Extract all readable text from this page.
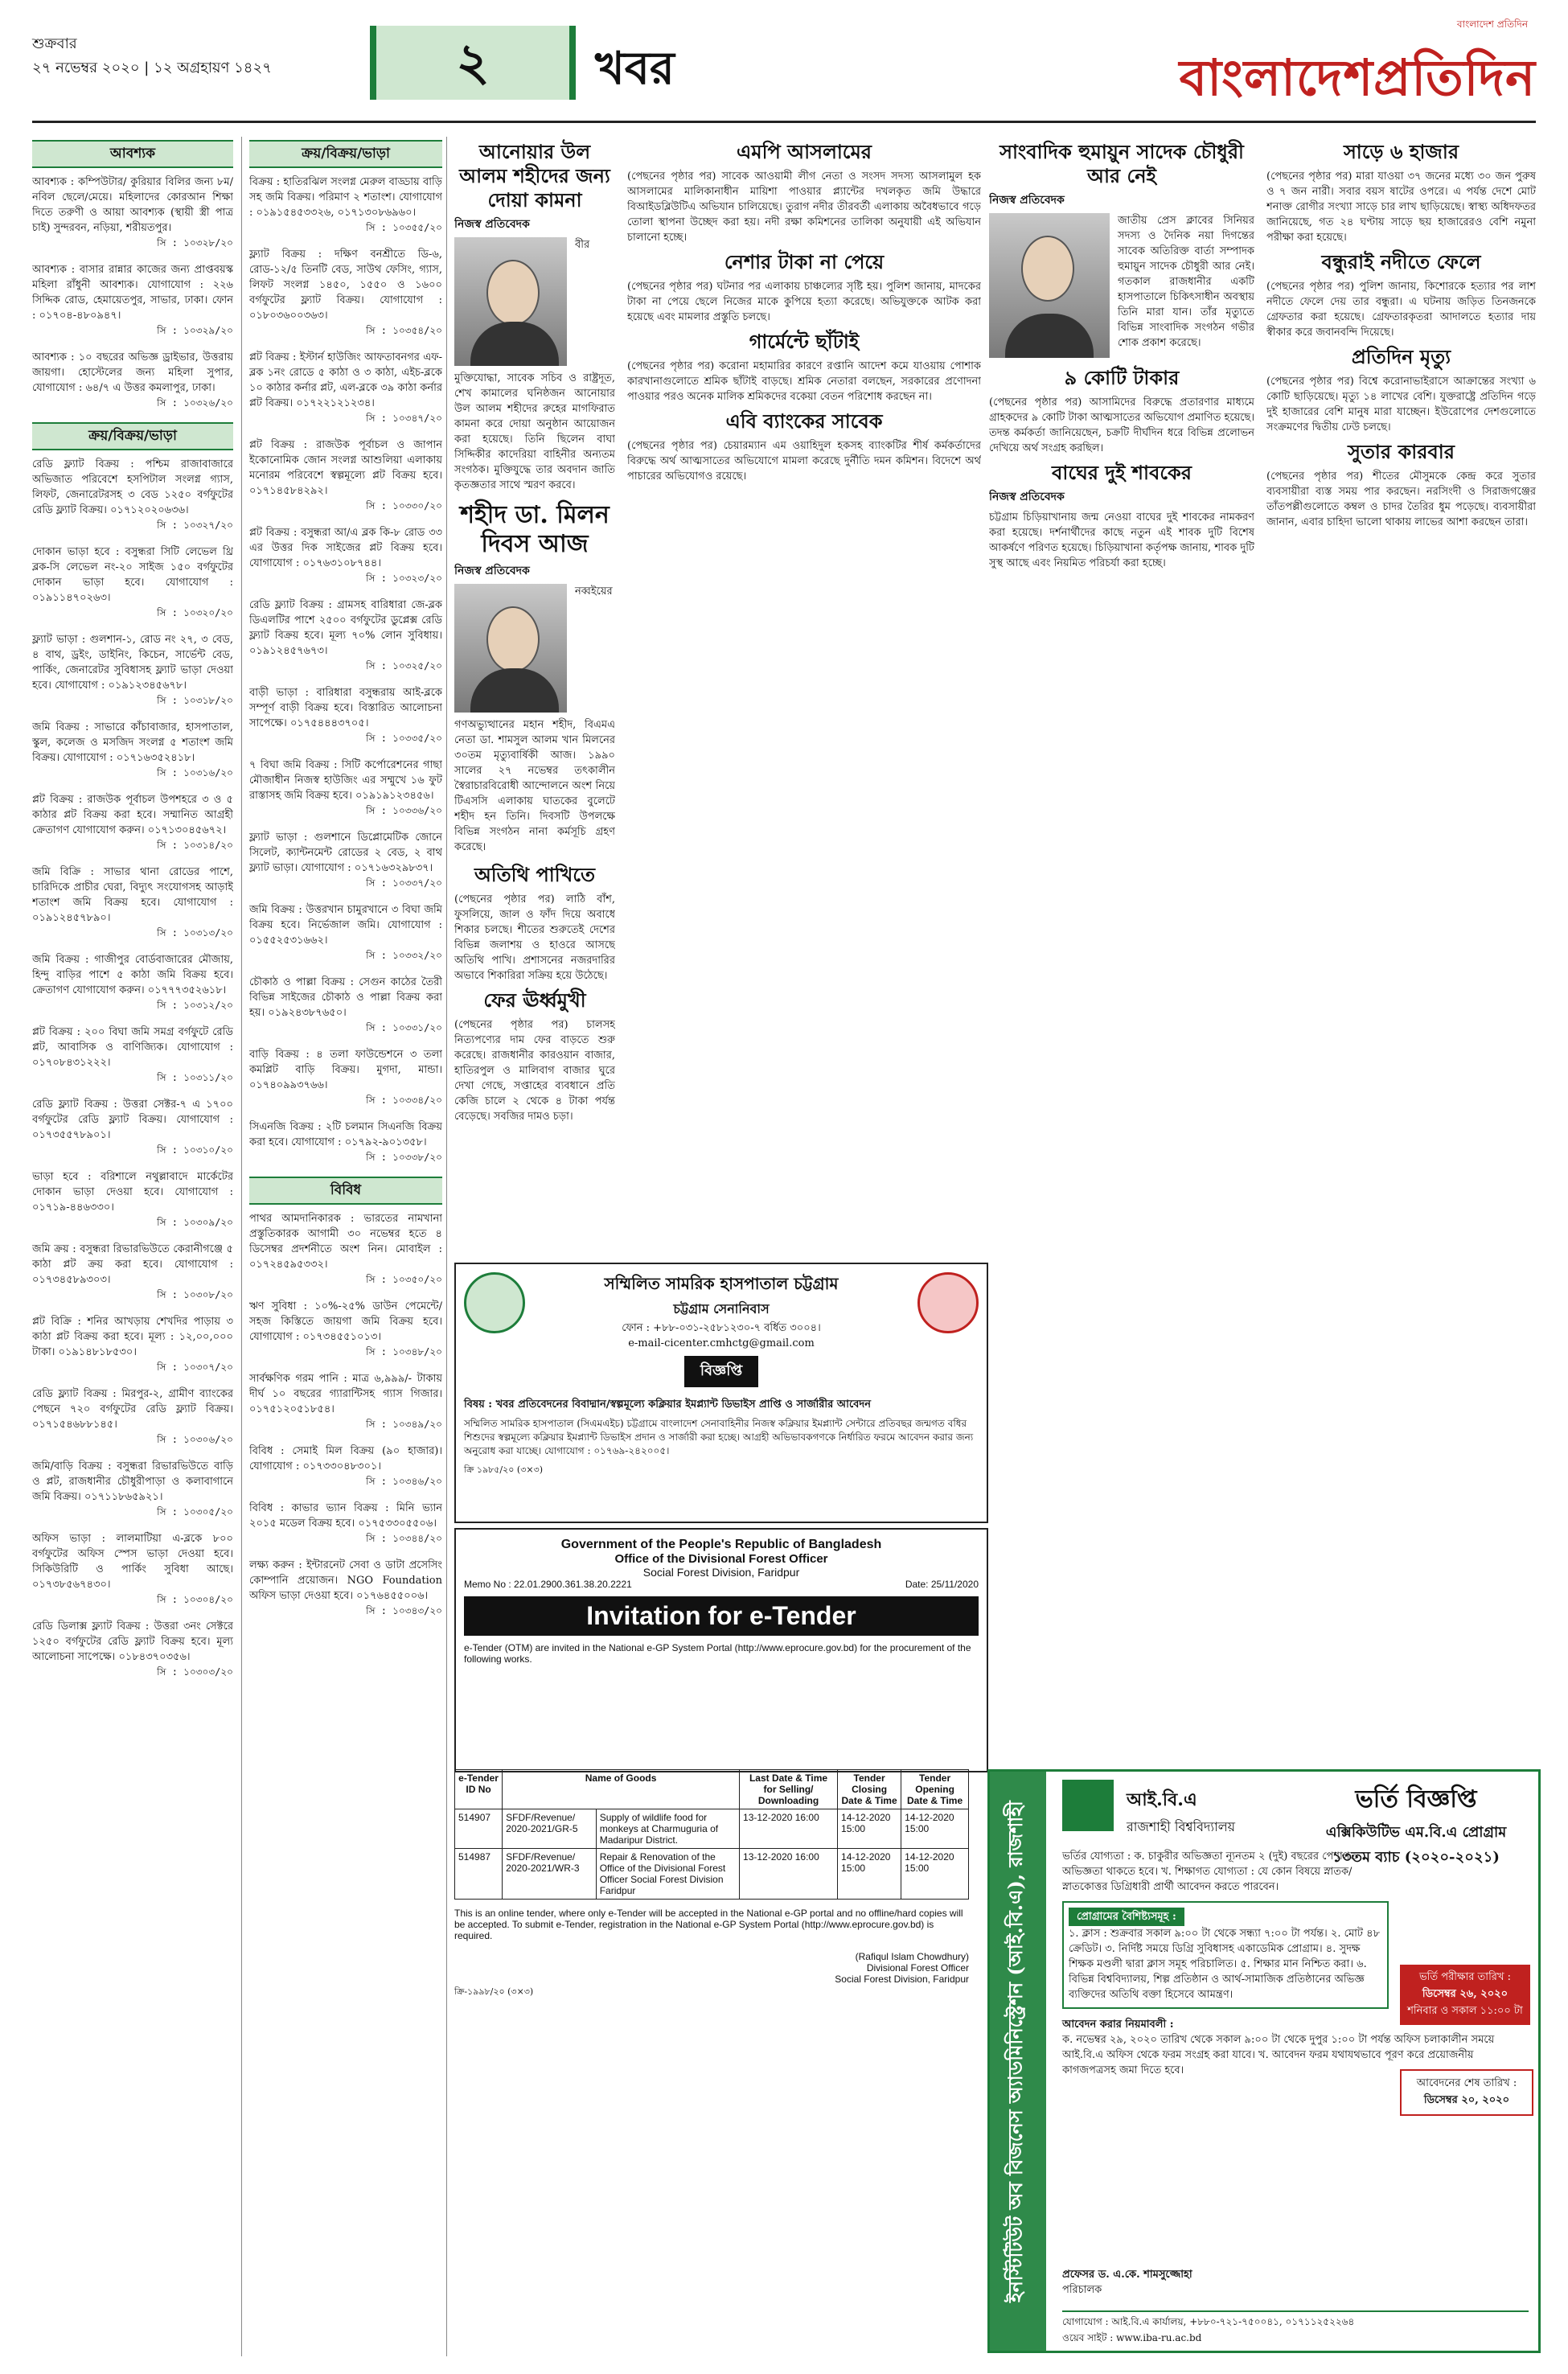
শুক্রবার
২৭ নভেম্বর ২০২০ | ১২ অগ্রহায়ণ ১৪২৭	২	খবর
বাংলাদেশ প্রতিদিন
বাংলাদেশপ্রতিদিন
আবশ্যক
আবশ্যক : কম্পিউটার/ কুরিয়ার বিলির জন্য ৮ম/নবিল ছেলে/মেয়ে। মহিলাদের কোরআন শিক্ষা দিতে তরুণী ও আয়া আবশ্যক (স্থায়ী স্ত্রী পাত্র চাই) সুন্দরবন, নড়িয়া, শরীয়তপুর।
সি : ১০৩২৮/২০
আবশ্যক : বাসার রান্নার কাজের জন্য প্রাপ্তবয়স্ক মহিলা রাঁধুনী আবশ্যক। যোগাযোগ : ২২৬ সিদ্দিক রোড, হেমায়েতপুর, সাভার, ঢাকা। ফোন : ০১৭০৪-৪৮০৯৪৭।
সি : ১০৩২৯/২০
আবশ্যক : ১০ বছরের অভিজ্ঞ ড্রাইভার, উত্তরায় জায়গা। হোস্টেলের জন্য মহিলা সুপার, যোগাযোগ : ৬৪/৭ এ উত্তর কমলাপুর, ঢাকা।
সি : ১০৩২৬/২০
ক্রয়/বিক্রয়/ভাড়া
রেডি ফ্ল্যাট বিক্রয় : পশ্চিম রাজাবাজারে অভিজাত পরিবেশে হসপিটাল সংলগ্ন গ্যাস, লিফট, জেনারেটরসহ ৩ বেড ১২৫০ বর্গফুটের রেডি ফ্ল্যাট বিক্রয়। ০১৭১২০২০৬৩৬।
সি : ১০৩২৭/২০
দোকান ভাড়া হবে : বসুন্ধরা সিটি লেভেল থ্রি ব্লক-সি লেভেল নং-২০ সাইজ ১৫০ বর্গফুটের দোকান ভাড়া হবে। যোগাযোগ : ০১৯১১৪৭০২৬৩।
সি : ১০৩২০/২০
ফ্ল্যাট ভাড়া : গুলশান-১, রোড নং ২৭, ৩ বেড, ৪ বাথ, ড্রইং, ডাইনিং, কিচেন, সার্ভেন্ট বেড, পার্কিং, জেনারেটর সুবিধাসহ ফ্ল্যাট ভাড়া দেওয়া হবে। যোগাযোগ : ০১৯১২৩৪৫৬৭৮।
সি : ১০৩১৮/২০
জমি বিক্রয় : সাভারে কাঁচাবাজার, হাসপাতাল, স্কুল, কলেজ ও মসজিদ সংলগ্ন ৫ শতাংশ জমি বিক্রয়। যোগাযোগ : ০১৭১৬৩৫২৪১৮।
সি : ১০৩১৬/২০
প্লট বিক্রয় : রাজউক পূর্বাচল উপশহরে ৩ ও ৫ কাঠার প্লট বিক্রয় করা হবে। সম্মানিত আগ্রহী ক্রেতাগণ যোগাযোগ করুন। ০১৭১৩০৪৫৬৭২।
সি : ১০৩১৪/২০
জমি বিক্রি : সাভার থানা রোডের পাশে, চারিদিকে প্রাচীর ঘেরা, বিদ্যুৎ সংযোগসহ আড়াই শতাংশ জমি বিক্রয় হবে। যোগাযোগ : ০১৯১২৪৫৭৮৯০।
সি : ১০৩১৩/২০
জমি বিক্রয় : গাজীপুর বোর্ডবাজারের মৌজায়, হিন্দু বাড়ির পাশে ৫ কাঠা জমি বিক্রয় হবে। ক্রেতাগণ যোগাযোগ করুন। ০১৭৭৭৩৫২৬১৮।
সি : ১০৩১২/২০
প্লট বিক্রয় : ২০০ বিঘা জমি সমগ্র বর্গফুটে রেডি প্লট, আবাসিক ও বাণিজ্যিক। যোগাযোগ : ০১৭০৮৪৩১২২২।
সি : ১০৩১১/২০
রেডি ফ্ল্যাট বিক্রয় : উত্তরা সেক্টর-৭ এ ১৭০০ বর্গফুটের রেডি ফ্ল্যাট বিক্রয়। যোগাযোগ : ০১৭৩৫৫৭৮৯০১।
সি : ১০৩১০/২০
ভাড়া হবে : বরিশালে নথুল্লাবাদে মার্কেটের দোকান ভাড়া দেওয়া হবে। যোগাযোগ : ০১৭১৯-৪৪৬৩৩০।
সি : ১০৩০৯/২০
জমি ক্রয় : বসুন্ধরা রিভারভিউতে কেরানীগঞ্জে ৫ কাঠা প্লট ক্রয় করা হবে। যোগাযোগ : ০১৭৩৪৫৮৯৩০৩।
সি : ১০৩০৮/২০
প্লট বিক্রি : শনির আখড়ায় শেখদির পাড়ায় ৩ কাঠা প্লট বিক্রয় করা হবে। মূল্য : ১২,০০,০০০ টাকা। ০১৯১৪৮১৮৫৩০।
সি : ১০৩০৭/২০
রেডি ফ্ল্যাট বিক্রয় : মিরপুর-২, গ্রামীণ ব্যাংকের পেছনে ৭২০ বর্গফুটের রেডি ফ্ল্যাট বিক্রয়। ০১৭১৫৪৬৮৮১৪৫।
সি : ১০৩০৬/২০
জমি/বাড়ি বিক্রয় : বসুন্ধরা রিভারভিউতে বাড়ি ও প্লট, রাজধানীর চৌধুরীপাড়া ও কলাবাগানে জমি বিক্রয়। ০১৭১১৮৬৫৯২১।
সি : ১০৩০৫/২০
অফিস ভাড়া : লালমাটিয়া এ-ব্লকে ৮০০ বর্গফুটের অফিস স্পেস ভাড়া দেওয়া হবে। সিকিউরিটি ও পার্কিং সুবিধা আছে। ০১৭৩৮৫৬৭৪৩০।
সি : ১০৩০৪/২০
রেডি ডিলাক্স ফ্ল্যাট বিক্রয় : উত্তরা ৩নং সেক্টরে ১২৫০ বর্গফুটের রেডি ফ্ল্যাট বিক্রয় হবে। মূল্য আলোচনা সাপেক্ষে। ০১৮৪৩৭০৩৫৬।
সি : ১০৩০৩/২০
ক্রয়/বিক্রয়/ভাড়া
বিক্রয় : হাতিরঝিল সংলগ্ন মেরুল বাড্ডায় বাড়ি সহ জমি বিক্রয়। পরিমাণ ২ শতাংশ। যোগাযোগ : ০১৯১৫৪৫৩৩২৬, ০১৭১৩০৮৬৯৬০।
সি : ১০৩৫৫/২০
ফ্ল্যাট বিক্রয় : দক্ষিণ বনশ্রীতে ডি-৬, রোড-১২/৫ তিনটি বেড, সাউথ ফেসিং, গ্যাস, লিফট সংলগ্ন ১৪৫০, ১৫৫০ ও ১৬০০ বর্গফুটের ফ্ল্যাট বিক্রয়। যোগাযোগ : ০১৮০৩৬০০৩৬৩।
সি : ১০৩৫৪/২০
প্লট বিক্রয় : ইস্টার্ন হাউজিং আফতাবনগর এফ-ব্লক ১নং রোডে ৫ কাঠা ও ৩ কাঠা, এইচ-ব্লকে ১০ কাঠার কর্নার প্লট, এল-ব্লকে ৩৯ কাঠা কর্নার প্লট বিক্রয়। ০১৭২২১২১২৩৪।
সি : ১০৩৪৭/২০
প্লট বিক্রয় : রাজউক পূর্বাচল ও জাপান ইকোনোমিক জোন সংলগ্ন আশুলিয়া এলাকায় মনোরম পরিবেশে স্বল্পমূল্যে প্লট বিক্রয় হবে। ০১৭১৪৫৮৪২৯২।
সি : ১০৩৩০/২০
প্লট বিক্রয় : বসুন্ধরা আ/এ ব্লক কি-৮ রোড ৩৩ এর উত্তর দিক সাইজের প্লট বিক্রয় হবে। যোগাযোগ : ০১৭৬৩১০৮৭৪৪।
সি : ১০৩২৩/২০
রেডি ফ্ল্যাট বিক্রয় : গ্রামসহ বারিধারা জে-ব্লক ডিএলটির পাশে ২৫০০ বর্গফুটের ডুপ্লেক্স রেডি ফ্ল্যাট বিক্রয় হবে। মূল্য ৭০% লোন সুবিধায়। ০১৯১২৪৫৭৬৭৩।
সি : ১০৩২৫/২০
বাড়ী ভাড়া : বারিধারা বসুন্ধরায় আই-ব্লকে সম্পূর্ণ বাড়ী বিক্রয় হবে। বিস্তারিত আলোচনা সাপেক্ষে। ০১৭৫৪৪৪৩৭০৫।
সি : ১০৩৩৫/২০
৭ বিঘা জমি বিক্রয় : সিটি কর্পোরেশনের গাছা মৌজাধীন নিজস্ব হাউজিং এর সম্মুখে ১৬ ফুট রাস্তাসহ জমি বিক্রয় হবে। ০১৯১৯১২৩৪৫৬।
সি : ১০৩৩৬/২০
ফ্ল্যাট ভাড়া : গুলশানে ডিপ্লোমেটিক জোনে সিলেট, ক্যান্টনমেন্ট রোডের ২ বেড, ২ বাথ ফ্ল্যাট ভাড়া। যোগাযোগ : ০১৭১৬৩২৯৮৩৭।
সি : ১০৩৩৭/২০
জমি বিক্রয় : উত্তরখান চামুরখানে ৩ বিঘা জমি বিক্রয় হবে। নির্ভেজাল জমি। যোগাযোগ : ০১৫৫২৫৩১৬৬২।
সি : ১০৩৩২/২০
চৌকাঠ ও পাল্লা বিক্রয় : সেগুন কাঠের তৈরী বিভিন্ন সাইজের চৌকাঠ ও পাল্লা বিক্রয় করা হয়। ০১৯২৪৩৮৭৬৫০।
সি : ১০৩৩১/২০
বাড়ি বিক্রয় : ৪ তলা ফাউন্ডেশনে ৩ তলা কমপ্লিট বাড়ি বিক্রয়। মুগদা, মান্ডা। ০১৭৪০৯৯৩৭৬৬।
সি : ১০৩৩৪/২০
সিএনজি বিক্রয় : ২টি চলমান সিএনজি বিক্রয় করা হবে। যোগাযোগ : ০১৭৯২-৯০১৩৫৮।
সি : ১০৩৩৮/২০
বিবিধ
পাথর আমদানিকারক : ভারতের নামখানা প্রস্তুতিকারক আগামী ৩০ নভেম্বর হতে ৪ ডিসেম্বর প্রদর্শনীতে অংশ নিন। মোবাইল : ০১৭২৪৫৯৫৩৩২।
সি : ১০৩৫০/২০
ঋণ সুবিধা : ১০%-২৫% ডাউন পেমেন্টে/সহজ কিস্তিতে জায়গা জমি বিক্রয় হবে। যোগাযোগ : ০১৭৩৪৫৫১০১৩।
সি : ১০৩৪৮/২০
সার্বক্ষণিক গরম পানি : মাত্র ৬,৯৯৯/- টাকায় দীর্ঘ ১০ বছরের গ্যারান্টিসহ গ্যাস গিজার। ০১৭৫১২০৫১৮৫৪।
সি : ১০৩৪৯/২০
বিবিধ : সেমাই মিল বিক্রয় (৯০ হাজার)। যোগাযোগ : ০১৭৩৩০৪৮৩০১।
সি : ১০৩৪৬/২০
বিবিধ : কাভার ভ্যান বিক্রয় : মিনি ভ্যান ২০১৫ মডেল বিক্রয় হবে। ০১৭৫৩৩০৫৫০৬।
সি : ১০৩৪৪/২০
লক্ষ্য করুন : ইন্টারনেট সেবা ও ডাটা প্রসেসিং কোম্পানি প্রয়োজন। NGO Foundation অফিস ভাড়া দেওয়া হবে। ০১৭৬৪৫৫০০৬।
সি : ১০৩৪৩/২০
আনোয়ার উল আলম শহীদের জন্য দোয়া কামনা
নিজস্ব প্রতিবেদক

বীর মুক্তিযোদ্ধা, সাবেক সচিব ও রাষ্ট্রদূত, শেখ কামালের ঘনিষ্ঠজন আনোয়ার উল আলম শহীদের রুহের মাগফিরাত কামনা করে দোয়া অনুষ্ঠান আয়োজন করা হয়েছে। তিনি ছিলেন বাঘা সিদ্দিকীর কাদেরিয়া বাহিনীর অন্যতম সংগঠক। মুক্তিযুদ্ধে তার অবদান জাতি কৃতজ্ঞতার সাথে স্মরণ করবে।

শহীদ ডা. মিলন দিবস আজ
নিজস্ব প্রতিবেদক

নব্বইয়ের গণঅভ্যুত্থানের মহান শহীদ, বিএমএ নেতা ডা. শামসুল আলম খান মিলনের ৩০তম মৃত্যুবার্ষিকী আজ। ১৯৯০ সালের ২৭ নভেম্বর তৎকালীন স্বৈরাচারবিরোধী আন্দোলনে অংশ নিয়ে টিএসসি এলাকায় ঘাতকের বুলেটে শহীদ হন তিনি। দিবসটি উপলক্ষে বিভিন্ন সংগঠন নানা কর্মসূচি গ্রহণ করেছে।

অতিথি পাখিতে

(পেছনের পৃষ্ঠার পর) লাঠি বাঁশ, ফুসলিয়ে, জাল ও ফাঁদ দিয়ে অবাধে শিকার চলছে। শীতের শুরুতেই দেশের বিভিন্ন জলাশয় ও হাওরে আসছে অতিথি পাখি। প্রশাসনের নজরদারির অভাবে শিকারিরা সক্রিয় হয়ে উঠেছে।

ফের ঊর্ধ্বমুখী

(পেছনের পৃষ্ঠার পর) চালসহ নিত্যপণ্যের দাম ফের বাড়তে শুরু করেছে। রাজধানীর কারওয়ান বাজার, হাতিরপুল ও মালিবাগ বাজার ঘুরে দেখা গেছে, সপ্তাহের ব্যবধানে প্রতি কেজি চালে ২ থেকে ৪ টাকা পর্যন্ত বেড়েছে। সবজির দামও চড়া।

এমপি আসলামের

(পেছনের পৃষ্ঠার পর) সাবেক আওয়ামী লীগ নেতা ও সংসদ সদস্য আসলামুল হক আসলামের মালিকানাধীন মায়িশা পাওয়ার প্ল্যান্টের দখলকৃত জমি উদ্ধারে বিআইডব্লিউটিএ অভিযান চালিয়েছে। তুরাগ নদীর তীরবর্তী এলাকায় অবৈধভাবে গড়ে তোলা স্থাপনা উচ্ছেদ করা হয়। নদী রক্ষা কমিশনের তালিকা অনুযায়ী এই অভিযান চালানো হচ্ছে।

নেশার টাকা না পেয়ে

(পেছনের পৃষ্ঠার পর) ঘটনার পর এলাকায় চাঞ্চল্যের সৃষ্টি হয়। পুলিশ জানায়, মাদকের টাকা না পেয়ে ছেলে নিজের মাকে কুপিয়ে হত্যা করেছে। অভিযুক্তকে আটক করা হয়েছে এবং মামলার প্রস্তুতি চলছে।

গার্মেন্টে ছাঁটাই

(পেছনের পৃষ্ঠার পর) করোনা মহামারির কারণে রপ্তানি আদেশ কমে যাওয়ায় পোশাক কারখানাগুলোতে শ্রমিক ছাঁটাই বাড়ছে। শ্রমিক নেতারা বলছেন, সরকারের প্রণোদনা পাওয়ার পরও অনেক মালিক শ্রমিকদের বকেয়া বেতন পরিশোধ করছেন না।

এবি ব্যাংকের সাবেক

(পেছনের পৃষ্ঠার পর) চেয়ারম্যান এম ওয়াহিদুল হকসহ ব্যাংকটির শীর্ষ কর্মকর্তাদের বিরুদ্ধে অর্থ আত্মসাতের অভিযোগে মামলা করেছে দুর্নীতি দমন কমিশন। বিদেশে অর্থ পাচারের অভিযোগও রয়েছে।

সাংবাদিক হুমায়ুন সাদেক চৌধুরী আর নেই
নিজস্ব প্রতিবেদক

জাতীয় প্রেস ক্লাবের সিনিয়র সদস্য ও দৈনিক নয়া দিগন্তের সাবেক অতিরিক্ত বার্তা সম্পাদক হুমায়ুন সাদেক চৌধুরী আর নেই। গতকাল রাজধানীর একটি হাসপাতালে চিকিৎসাধীন অবস্থায় তিনি মারা যান। তাঁর মৃত্যুতে বিভিন্ন সাংবাদিক সংগঠন গভীর শোক প্রকাশ করেছে।

৯ কোটি টাকার

(পেছনের পৃষ্ঠার পর) আসামিদের বিরুদ্ধে প্রতারণার মাধ্যমে গ্রাহকদের ৯ কোটি টাকা আত্মসাতের অভিযোগ প্রমাণিত হয়েছে। তদন্ত কর্মকর্তা জানিয়েছেন, চক্রটি দীর্ঘদিন ধরে বিভিন্ন প্রলোভন দেখিয়ে অর্থ সংগ্রহ করছিল।

বাঘের দুই শাবকের
নিজস্ব প্রতিবেদক

চট্টগ্রাম চিড়িয়াখানায় জন্ম নেওয়া বাঘের দুই শাবকের নামকরণ করা হয়েছে। দর্শনার্থীদের কাছে নতুন এই শাবক দুটি বিশেষ আকর্ষণে পরিণত হয়েছে। চিড়িয়াখানা কর্তৃপক্ষ জানায়, শাবক দুটি সুস্থ আছে এবং নিয়মিত পরিচর্যা করা হচ্ছে।

সাড়ে ৬ হাজার

(পেছনের পৃষ্ঠার পর) মারা যাওয়া ৩৭ জনের মধ্যে ৩০ জন পুরুষ ও ৭ জন নারী। সবার বয়স ষাটের ওপরে। এ পর্যন্ত দেশে মোট শনাক্ত রোগীর সংখ্যা সাড়ে চার লাখ ছাড়িয়েছে। স্বাস্থ্য অধিদফতর জানিয়েছে, গত ২৪ ঘণ্টায় সাড়ে ছয় হাজারেরও বেশি নমুনা পরীক্ষা করা হয়েছে।

বন্ধুরাই নদীতে ফেলে

(পেছনের পৃষ্ঠার পর) পুলিশ জানায়, কিশোরকে হত্যার পর লাশ নদীতে ফেলে দেয় তার বন্ধুরা। এ ঘটনায় জড়িত তিনজনকে গ্রেফতার করা হয়েছে। গ্রেফতারকৃতরা আদালতে হত্যার দায় স্বীকার করে জবানবন্দি দিয়েছে।

প্রতিদিন মৃত্যু

(পেছনের পৃষ্ঠার পর) বিশ্বে করোনাভাইরাসে আক্রান্তের সংখ্যা ৬ কোটি ছাড়িয়েছে। মৃত্যু ১৪ লাখের বেশি। যুক্তরাষ্ট্রে প্রতিদিন গড়ে দুই হাজারের বেশি মানুষ মারা যাচ্ছেন। ইউরোপের দেশগুলোতে সংক্রমণের দ্বিতীয় ঢেউ চলছে।

সুতার কারবার

(পেছনের পৃষ্ঠার পর) শীতের মৌসুমকে কেন্দ্র করে সুতার ব্যবসায়ীরা ব্যস্ত সময় পার করছেন। নরসিংদী ও সিরাজগঞ্জের তাঁতপল্লীগুলোতে কম্বল ও চাদর তৈরির ধুম পড়েছে। ব্যবসায়ীরা জানান, এবার চাহিদা ভালো থাকায় লাভের আশা করছেন তারা।

সম্মিলিত সামরিক হাসপাতাল চট্টগ্রাম
চট্টগ্রাম সেনানিবাস
ফোন : +৮৮-০৩১-২৫৮১২৩০-৭ বর্ধিত ৩০০৪।
e-mail-cicenter.cmhctg@gmail.com
বিজ্ঞপ্তি
বিষয় : খবর প্রতিবেদনের বিবাদ্মান/স্বল্পমূল্যে কক্লিয়ার ইমপ্ল্যান্ট ডিভাইস প্রাপ্তি ও সার্জারীর আবেদন

সম্মিলিত সামরিক হাসপাতাল (সিএমএইচ) চট্টগ্রামে বাংলাদেশ সেনাবাহিনীর নিজস্ব কক্লিয়ার ইমপ্ল্যান্ট সেন্টারে প্রতিবছর জন্মগত বধির শিশুদের স্বল্পমূল্যে কক্লিয়ার ইমপ্ল্যান্ট ডিভাইস প্রদান ও সার্জারী করা হচ্ছে। আগ্রহী অভিভাবকগণকে নির্ধারিত ফরমে আবেদন করার জন্য অনুরোধ করা যাচ্ছে। যোগাযোগ : ০১৭৬৯-২৪২০০৫।

ক্রি ১৯৮৫/২০ (৩×৩)
Government of the People's Republic of Bangladesh
Office of the Divisional Forest Officer
Social Forest Division, Faridpur
Memo No : 22.01.2900.361.38.20.2221	Date: 25/11/2020
Invitation for e-Tender
e-Tender (OTM) are invited in the National e-GP System Portal (http://www.eprocure.gov.bd) for the procurement of the following works.
e-Tender ID No	Name of Goods		Last Date & Time for Selling/ Downloading	Tender Closing Date & Time	Tender Opening Date & Time
514907	SFDF/Revenue/ 2020-2021/GR-5	Supply of wildlife food for monkeys at Charmuguria of Madaripur District.	13-12-2020 16:00	14-12-2020 15:00	14-12-2020 15:00
514987	SFDF/Revenue/ 2020-2021/WR-3	Repair & Renovation of the Office of the Divisional Forest Officer Social Forest Division Faridpur	13-12-2020 16:00	14-12-2020 15:00	14-12-2020 15:00

This is an online tender, where only e-Tender will be accepted in the National e-GP portal and no offline/hard copies will be accepted. To submit e-Tender, registration in the National e-GP System Portal (http://www.eprocure.gov.bd) is required.

(Rafiqul Islam Chowdhury)
Divisional Forest Officer
Social Forest Division, Faridpur
ক্রি-১৯৯৮/২০ (৩×৩)	ইনস্টিটিউট অব বিজনেস অ্যাডমিনিস্ট্রেশন (আই.বি.এ), রাজশাহী
আই.বি.এ
রাজশাহী বিশ্ববিদ্যালয়
ভর্তি বিজ্ঞপ্তি
এক্সিকিউটিভ এম.বি.এ প্রোগ্রাম
১৩তম ব্যাচ (২০২০-২০২১)
ভর্তির যোগ্যতা : ক. চাকুরীর অভিজ্ঞতা ন্যূনতম ২ (দুই) বছরের পেশাগত অভিজ্ঞতা থাকতে হবে। খ. শিক্ষাগত যোগ্যতা : যে কোন বিষয়ে স্নাতক/স্নাতকোত্তর ডিগ্রিধারী প্রার্থী আবেদন করতে পারবেন।
প্রোগ্রামের বৈশিষ্ট্যসমূহ :
১. ক্লাস : শুক্রবার সকাল ৯:০০ টা থেকে সন্ধ্যা ৭:০০ টা পর্যন্ত। ২. মোট ৪৮ ক্রেডিট। ৩. নির্দিষ্ট সময়ে ডিগ্রি সুবিধাসহ একাডেমিক প্রোগ্রাম। ৪. সুদক্ষ শিক্ষক মণ্ডলী দ্বারা ক্লাস সমূহ পরিচালিত। ৫. শিক্ষার মান নিশ্চিত করা। ৬. বিভিন্ন বিশ্ববিদ্যালয়, শিল্প প্রতিষ্ঠান ও আর্থ-সামাজিক প্রতিষ্ঠানের অভিজ্ঞ ব্যক্তিদের অতিথি বক্তা হিসেবে আমন্ত্রণ।
ভর্তি পরীক্ষার তারিখ :
ডিসেম্বর ২৬, ২০২০
শনিবার ও সকাল ১১:০০ টা
আবেদনের শেষ তারিখ :
ডিসেম্বর ২০, ২০২০
আবেদন করার নিয়মাবলী :
ক. নভেম্বর ২৯, ২০২০ তারিখ থেকে সকাল ৯:০০ টা থেকে দুপুর ১:০০ টা পর্যন্ত অফিস চলাকালীন সময়ে আই.বি.এ অফিস থেকে ফরম সংগ্রহ করা যাবে। খ. আবেদন ফরম যথাযথভাবে পূরণ করে প্রয়োজনীয় কাগজপত্রসহ জমা দিতে হবে।
প্রফেসর ড. এ.কে. শামসুজ্জোহা
পরিচালক
যোগাযোগ : আই.বি.এ কার্যালয়, +৮৮০-৭২১-৭৫০০৪১, ০১৭১১২৫২২৬৪
ওয়েব সাইট : www.iba-ru.ac.bd
